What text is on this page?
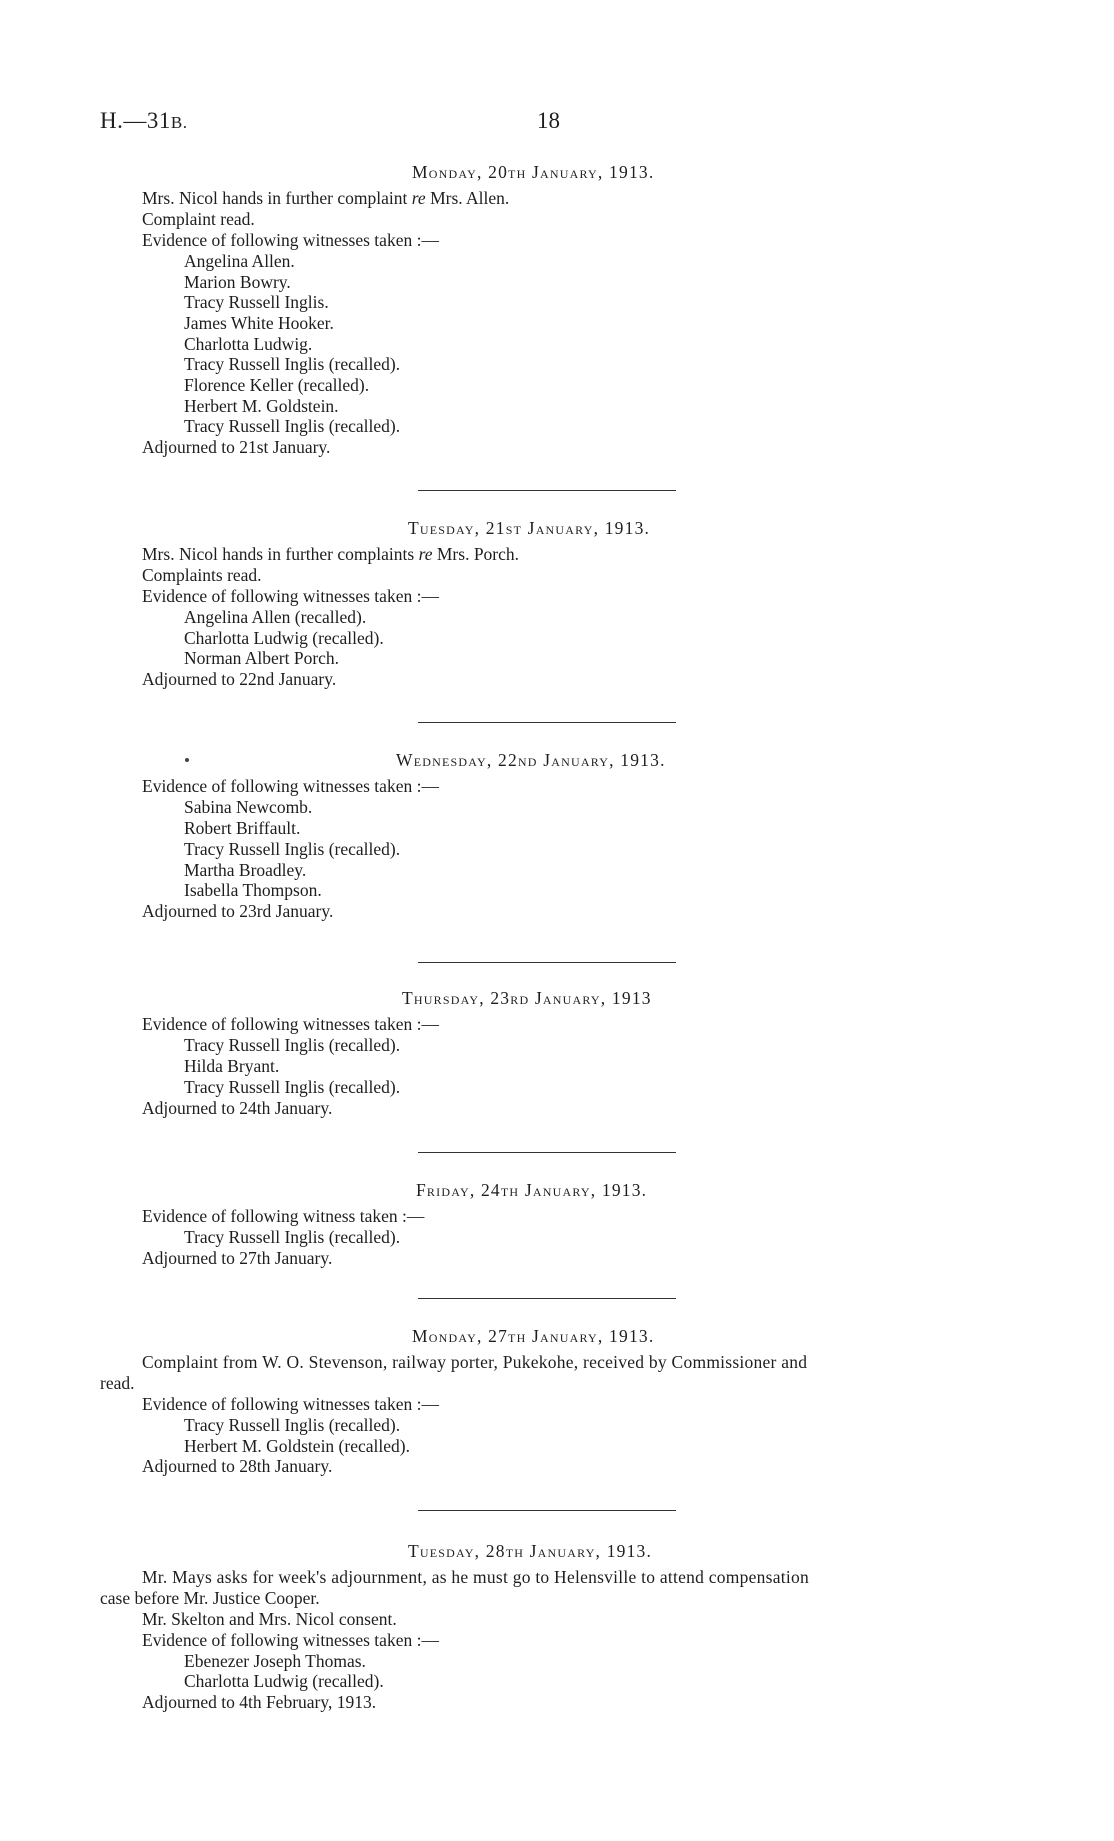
H.—31B.	18
Monday, 20th January, 1913.
Mrs. Nicol hands in further complaint re Mrs. Allen.
Complaint read.
Evidence of following witnesses taken :—
Angelina Allen.
Marion Bowry.
Tracy Russell Inglis.
James White Hooker.
Charlotta Ludwig.
Tracy Russell Inglis (recalled).
Florence Keller (recalled).
Herbert M. Goldstein.
Tracy Russell Inglis (recalled).
Adjourned to 21st January.
Tuesday, 21st January, 1913.
Mrs. Nicol hands in further complaints re Mrs. Porch.
Complaints read.
Evidence of following witnesses taken :—
Angelina Allen (recalled).
Charlotta Ludwig (recalled).
Norman Albert Porch.
Adjourned to 22nd January.
Wednesday, 22nd January, 1913.
Evidence of following witnesses taken :—
Sabina Newcomb.
Robert Briffault.
Tracy Russell Inglis (recalled).
Martha Broadley.
Isabella Thompson.
Adjourned to 23rd January.
Thursday, 23rd January, 1913
Evidence of following witnesses taken :—
Tracy Russell Inglis (recalled).
Hilda Bryant.
Tracy Russell Inglis (recalled).
Adjourned to 24th January.
Friday, 24th January, 1913.
Evidence of following witness taken :—
Tracy Russell Inglis (recalled).
Adjourned to 27th January.
Monday, 27th January, 1913.
Complaint from W. O. Stevenson, railway porter, Pukekohe, received by Commissioner and
read.
Evidence of following witnesses taken :—
Tracy Russell Inglis (recalled).
Herbert M. Goldstein (recalled).
Adjourned to 28th January.
Tuesday, 28th January, 1913.
Mr. Mays asks for week's adjournment, as he must go to Helensville to attend compensation
case before Mr. Justice Cooper.
Mr. Skelton and Mrs. Nicol consent.
Evidence of following witnesses taken :—
Ebenezer Joseph Thomas.
Charlotta Ludwig (recalled).
Adjourned to 4th February, 1913.
